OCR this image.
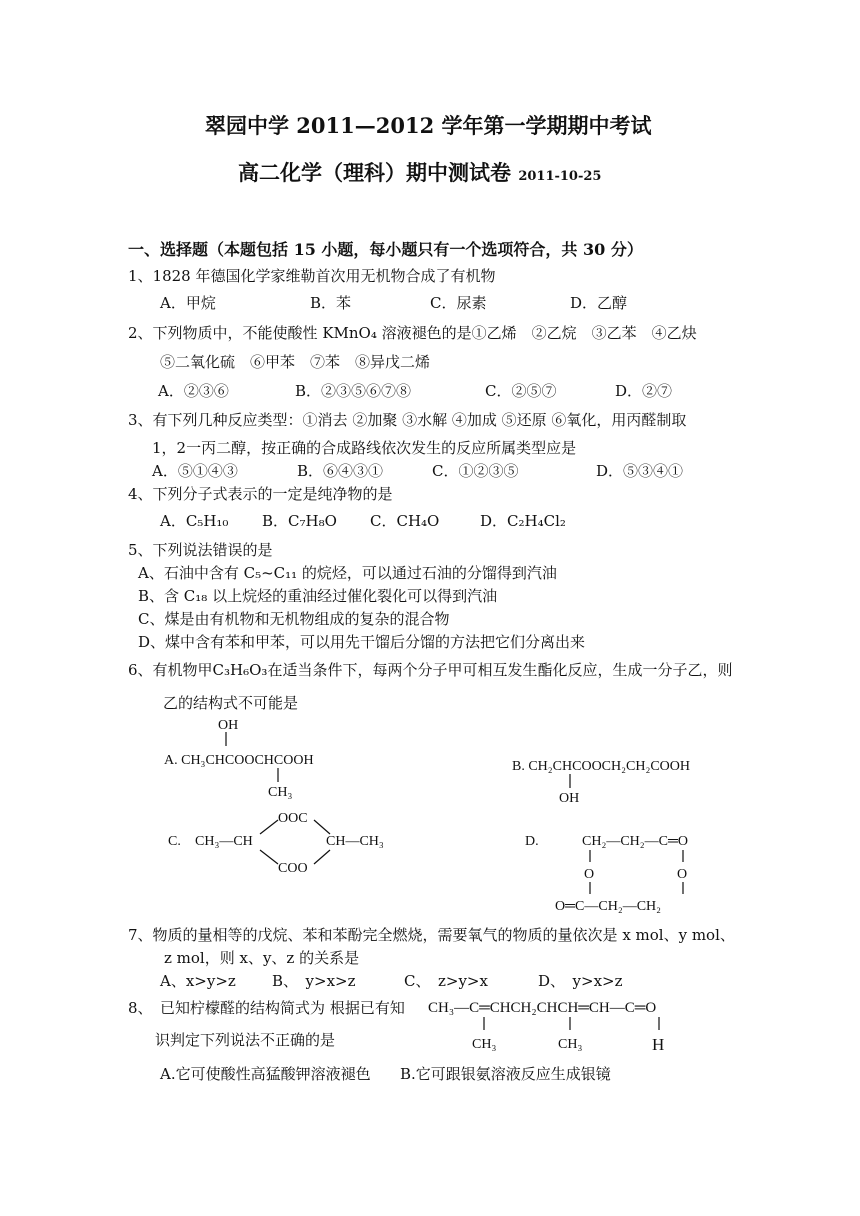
翠园中学 2011—2012 学年第一学期期中考试
高二化学（理科）期中测试卷 2011-10-25
一、选择题（本题包括 15 小题，每小题只有一个选项符合，共 30 分）
1、1828 年德国化学家维勒首次用无机物合成了有机物
A．甲烷	B．苯	C．尿素	D．乙醇
2、下列物质中，不能使酸性 KMnO₄ 溶液褪色的是①乙烯　②乙烷　③乙苯　④乙炔
⑤二氧化硫　⑥甲苯　⑦苯　⑧异戊二烯
A．②③⑥	B．②③⑤⑥⑦⑧	C．②⑤⑦	D．②⑦
3、有下列几种反应类型：①消去 ②加聚 ③水解 ④加成 ⑤还原 ⑥氧化，用丙醛制取
1，2一丙二醇，按正确的合成路线依次发生的反应所属类型应是
A．⑤①④③	B．⑥④③①	C．①②③⑤	D．⑤③④①
4、下列分子式表示的一定是纯净物的是
A．C₅H₁₀ B．C₇H₈O C．CH₄O	D．C₂H₄Cl₂
5、下列说法错误的是
A、石油中含有 C₅~C₁₁ 的烷烃，可以通过石油的分馏得到汽油
B、含 C₁₈ 以上烷烃的重油经过催化裂化可以得到汽油
C、煤是由有机物和无机物组成的复杂的混合物
D、煤中含有苯和甲苯，可以用先干馏后分馏的方法把它们分离出来
6、有机物甲C₃H₆O₃在适当条件下，每两个分子甲可相互发生酯化反应，生成一分子乙，则
乙的结构式不可能是
OH
A. CH₃CHCOOCHCOOH
CH₃
B. CH₂CHCOOCH₂CH₂COOH
OH
C. CH₃—CH
OOC
COO
CH—CH₃	D.	CH₂—CH₂—C═O
O	O
O═C—CH₂—CH₂
7、物质的量相等的戊烷、苯和苯酚完全燃烧，需要氧气的物质的量依次是 x mol、y mol、
z mol，则 x、y、z 的关系是
A、x>y>z B、　y>x>z	C、　z>y>x	D、　y>x>z
8、　已知柠檬醛的结构简式为 根据已有知
识判定下列说法不正确的是
CH₃—C═CHCH₂CHCH═CH—C═O
CH₃	CH₃	H
A.它可使酸性高猛酸钾溶液褪色 B.它可跟银氨溶液反应生成银镜
